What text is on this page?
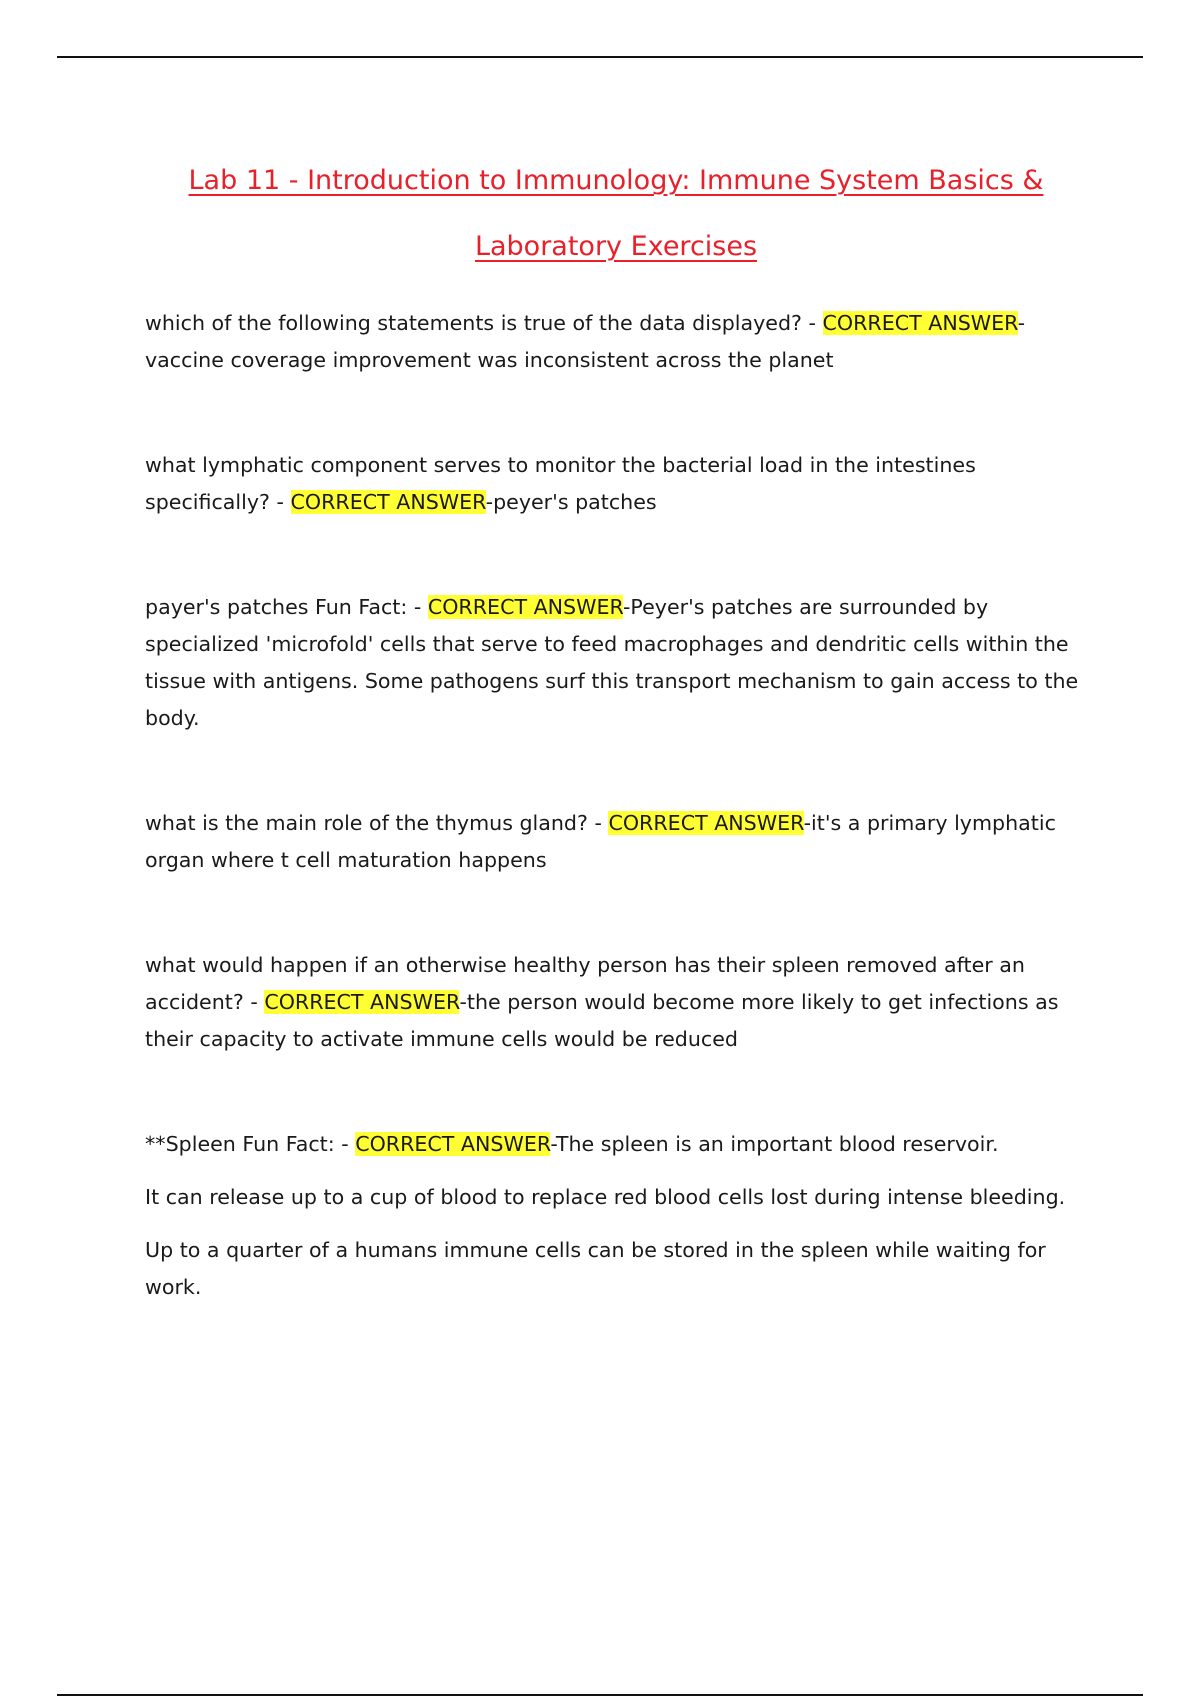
Lab 11 - Introduction to Immunology: Immune System Basics &
Laboratory Exercises

which of the following statements is true of the data displayed? - CORRECT ANSWER-vaccine coverage improvement was inconsistent across the planet

what lymphatic component serves to monitor the bacterial load in the intestines specifically? - CORRECT ANSWER-peyer's patches

payer's patches Fun Fact: - CORRECT ANSWER-Peyer's patches are surrounded by specialized 'microfold' cells that serve to feed macrophages and dendritic cells within the tissue with antigens. Some pathogens surf this transport mechanism to gain access to the body.

what is the main role of the thymus gland? - CORRECT ANSWER-it's a primary lymphatic organ where t cell maturation happens

what would happen if an otherwise healthy person has their spleen removed after an accident? - CORRECT ANSWER-the person would become more likely to get infections as their capacity to activate immune cells would be reduced

**Spleen Fun Fact: - CORRECT ANSWER-The spleen is an important blood reservoir.

It can release up to a cup of blood to replace red blood cells lost during intense bleeding.

Up to a quarter of a humans immune cells can be stored in the spleen while waiting for work.
